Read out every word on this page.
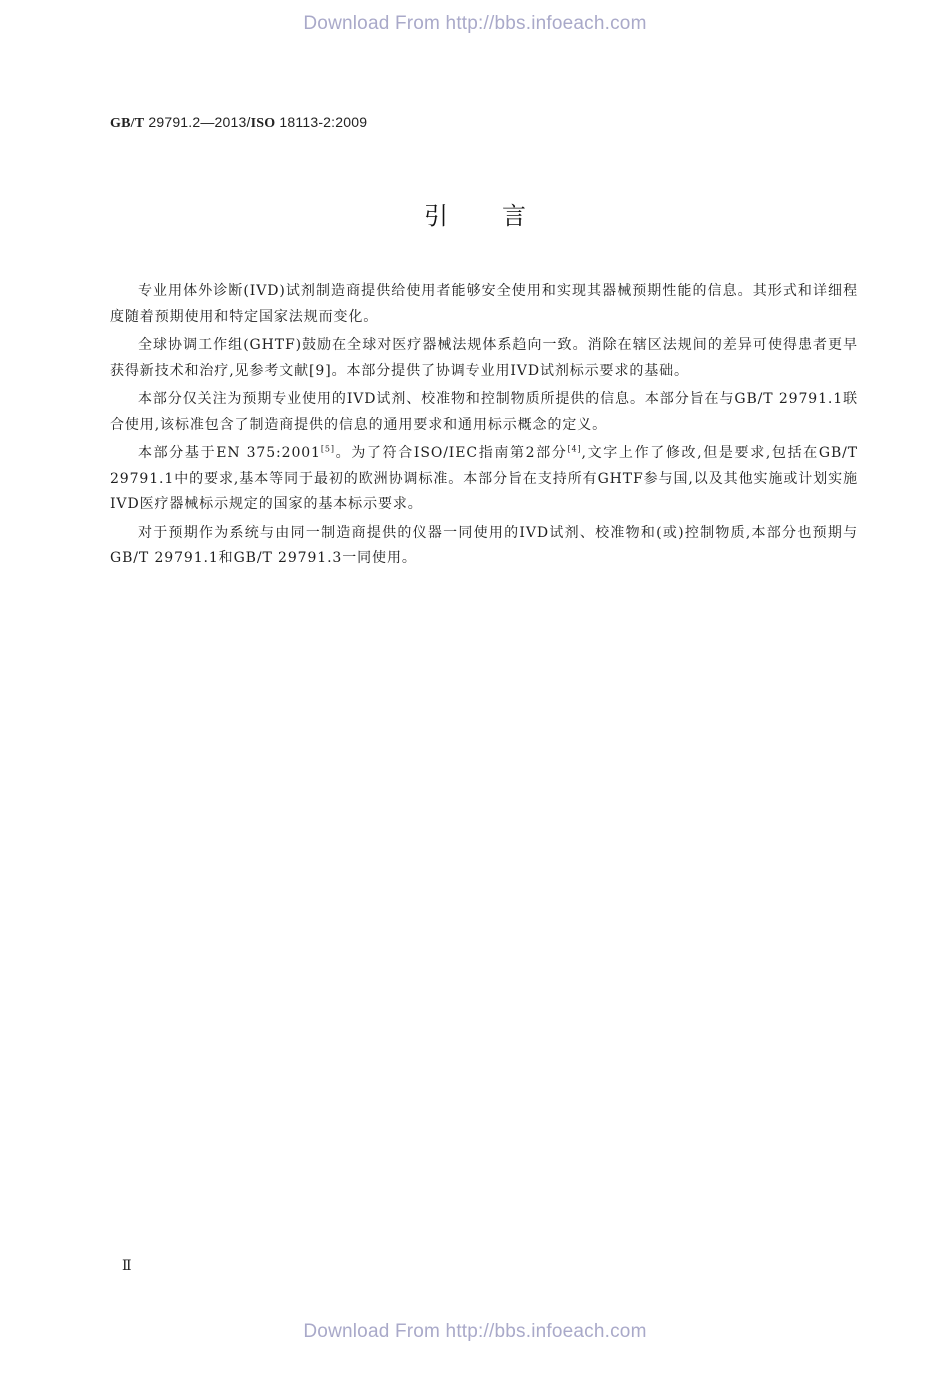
Download From http://bbs.infoeach.com
GB/T 29791.2—2013/ISO 18113-2:2009
引言

专业用体外诊断(IVD)试剂制造商提供给使用者能够安全使用和实现其器械预期性能的信息。其形式和详细程度随着预期使用和特定国家法规而变化。

全球协调工作组(GHTF)鼓励在全球对医疗器械法规体系趋向一致。消除在辖区法规间的差异可使得患者更早获得新技术和治疗,见参考文献[9]。本部分提供了协调专业用IVD试剂标示要求的基础。

本部分仅关注为预期专业使用的IVD试剂、校准物和控制物质所提供的信息。本部分旨在与GB/T 29791.1联合使用,该标准包含了制造商提供的信息的通用要求和通用标示概念的定义。

本部分基于EN 375:2001[5]。为了符合ISO/IEC指南第2部分[4],文字上作了修改,但是要求,包括在GB/T 29791.1中的要求,基本等同于最初的欧洲协调标准。本部分旨在支持所有GHTF参与国,以及其他实施或计划实施IVD医疗器械标示规定的国家的基本标示要求。

对于预期作为系统与由同一制造商提供的仪器一同使用的IVD试剂、校准物和(或)控制物质,本部分也预期与GB/T 29791.1和GB/T 29791.3一同使用。

Ⅱ
Download From http://bbs.infoeach.com
